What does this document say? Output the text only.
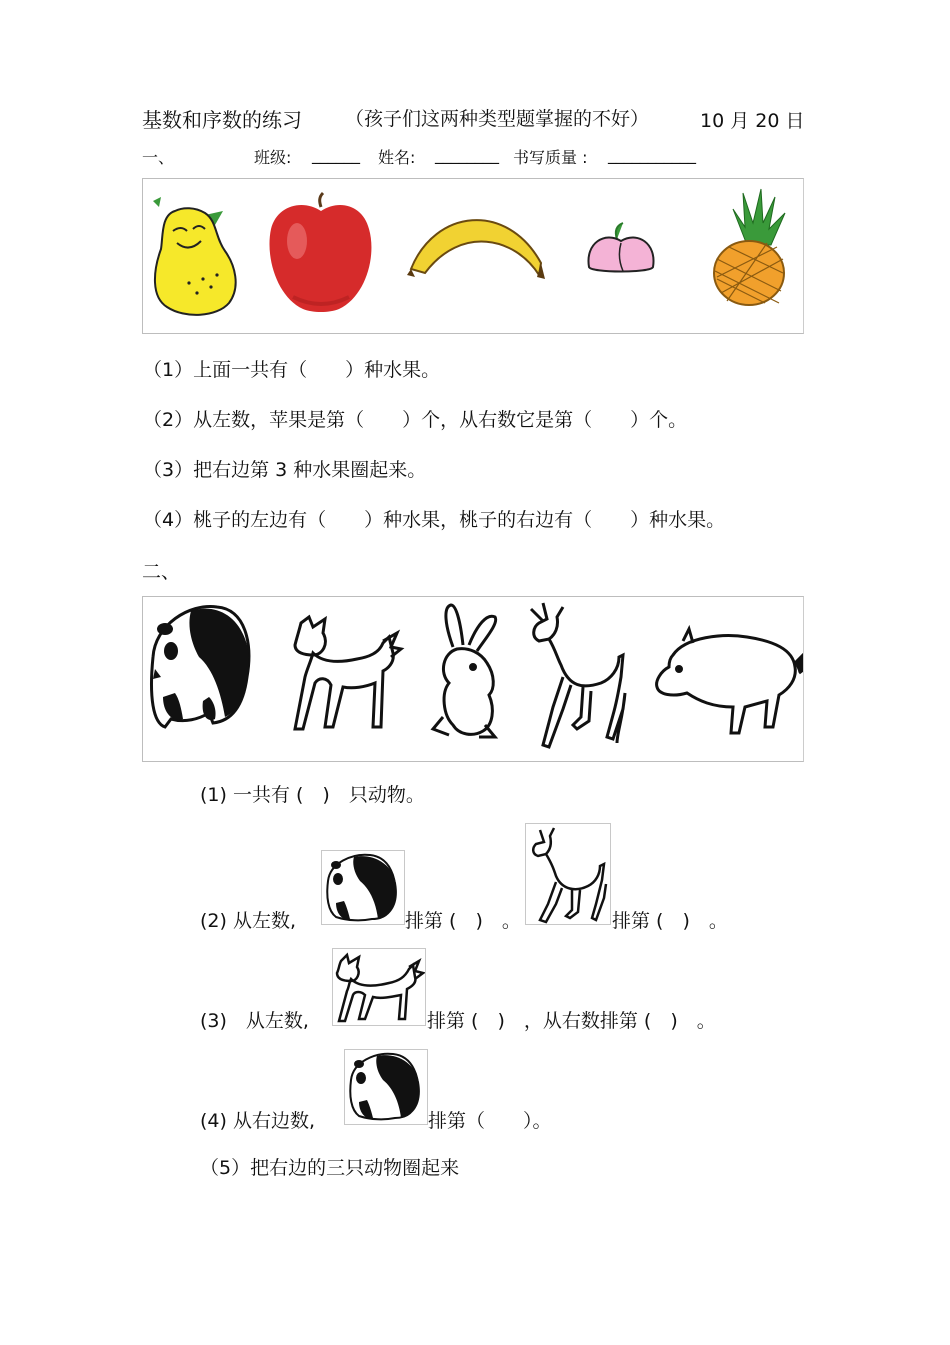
基数和序数的练习 （孩子们这两种类型题掌握的不好）	10 月 20 日
一、	班级: ______ 姓名: ________ 书写质量 : ___________
（1）上面一共有（　　）种水果。
（2）从左数，苹果是第（　　）个，从右数它是第（　　）个。
（3）把右边第 3 种水果圈起来。
（4）桃子的左边有（　　）种水果，桃子的右边有（　　）种水果。
二、
(1) 一共有 (　)　只动物。
(2) 从左数,	排第 (　)　。	排第 (　)　。
(3)　从左数,	排第 (　)　，从右数排第 (　)　。
(4) 从右边数,	排第（　　）。
（5）把右边的三只动物圈起来
